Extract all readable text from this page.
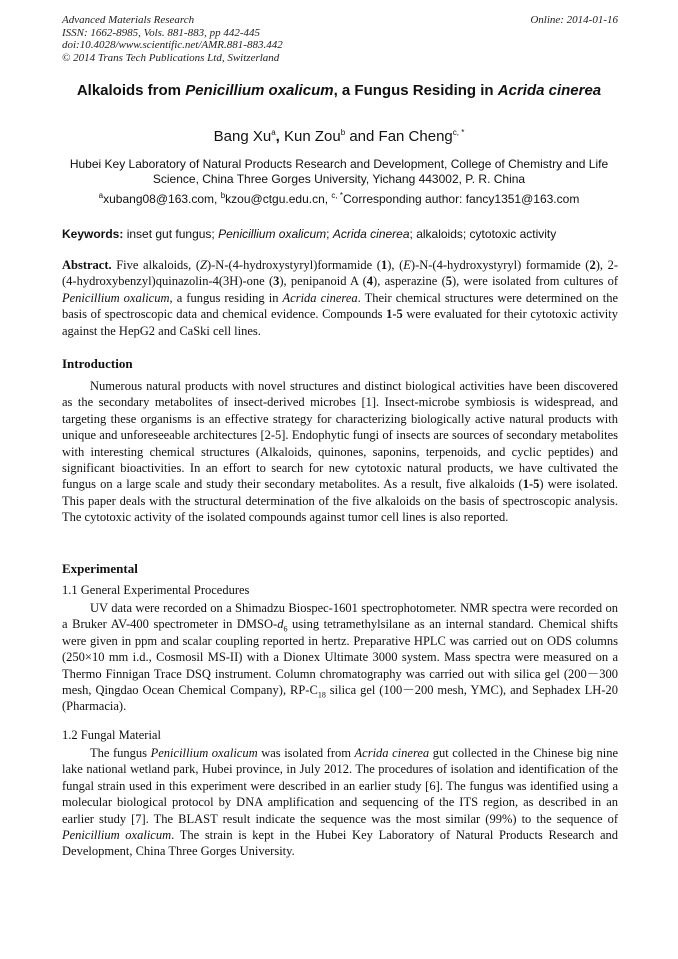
Advanced Materials Research
ISSN: 1662-8985, Vols. 881-883, pp 442-445
doi:10.4028/www.scientific.net/AMR.881-883.442
© 2014 Trans Tech Publications Ltd, Switzerland
Online: 2014-01-16
Alkaloids from Penicillium oxalicum, a Fungus Residing in Acrida cinerea
Bang Xu$^a$, Kun Zou$^b$ and Fan Cheng$^{c, *}$
Hubei Key Laboratory of Natural Products Research and Development, College of Chemistry and Life Science, China Three Gorges University, Yichang 443002, P. R. China
$^a$xubang08@163.com, $^b$kzou@ctgu.edu.cn, $^{c, *}$Corresponding author: fancy1351@163.com
Keywords: inset gut fungus; Penicillium oxalicum; Acrida cinerea; alkaloids; cytotoxic activity
Abstract. Five alkaloids, (Z)-N-(4-hydroxystyryl)formamide (1), (E)-N-(4-hydroxystyryl) formamide (2), 2-(4-hydroxybenzyl)quinazolin-4(3H)-one (3), penipanoid A (4), asperazine (5), were isolated from cultures of Penicillium oxalicum, a fungus residing in Acrida cinerea. Their chemical structures were determined on the basis of spectroscopic data and chemical evidence. Compounds 1-5 were evaluated for their cytotoxic activity against the HepG2 and CaSki cell lines.
Introduction
Numerous natural products with novel structures and distinct biological activities have been discovered as the secondary metabolites of insect-derived microbes [1]. Insect-microbe symbiosis is widespread, and targeting these organisms is an effective strategy for characterizing biologically active natural products with unique and unforeseeable architectures [2-5]. Endophytic fungi of insects are sources of secondary metabolites with interesting chemical structures (Alkaloids, quinones, saponins, terpenoids, and cyclic peptides) and significant bioactivities. In an effort to search for new cytotoxic natural products, we have cultivated the fungus on a large scale and study their secondary metabolites. As a result, five alkaloids (1-5) were isolated. This paper deals with the structural determination of the five alkaloids on the basis of spectroscopic analysis. The cytotoxic activity of the isolated compounds against tumor cell lines is also reported.
Experimental
1.1 General Experimental Procedures
UV data were recorded on a Shimadzu Biospec-1601 spectrophotometer. NMR spectra were recorded on a Bruker AV-400 spectrometer in DMSO-$d_6$ using tetramethylsilane as an internal standard. Chemical shifts were given in ppm and scalar coupling reported in hertz. Preparative HPLC was carried out on ODS columns (250×10 mm i.d., Cosmosil MS-II) with a Dionex Ultimate 3000 system. Mass spectra were measured on a Thermo Finnigan Trace DSQ instrument. Column chromatography was carried out with silica gel (200－300 mesh, Qingdao Ocean Chemical Company), $RP-C_{18}$ silica gel (100－200 mesh, YMC), and Sephadex LH-20 (Pharmacia).
1.2 Fungal Material
The fungus Penicillium oxalicum was isolated from Acrida cinerea gut collected in the Chinese big nine lake national wetland park, Hubei province, in July 2012. The procedures of isolation and identification of the fungal strain used in this experiment were described in an earlier study [6]. The fungus was identified using a molecular biological protocol by DNA amplification and sequencing of the ITS region, as described in an earlier study [7]. The BLAST result indicate the sequence was the most similar (99%) to the sequence of Penicillium oxalicum. The strain is kept in the Hubei Key Laboratory of Natural Products Research and Development, China Three Gorges University.
